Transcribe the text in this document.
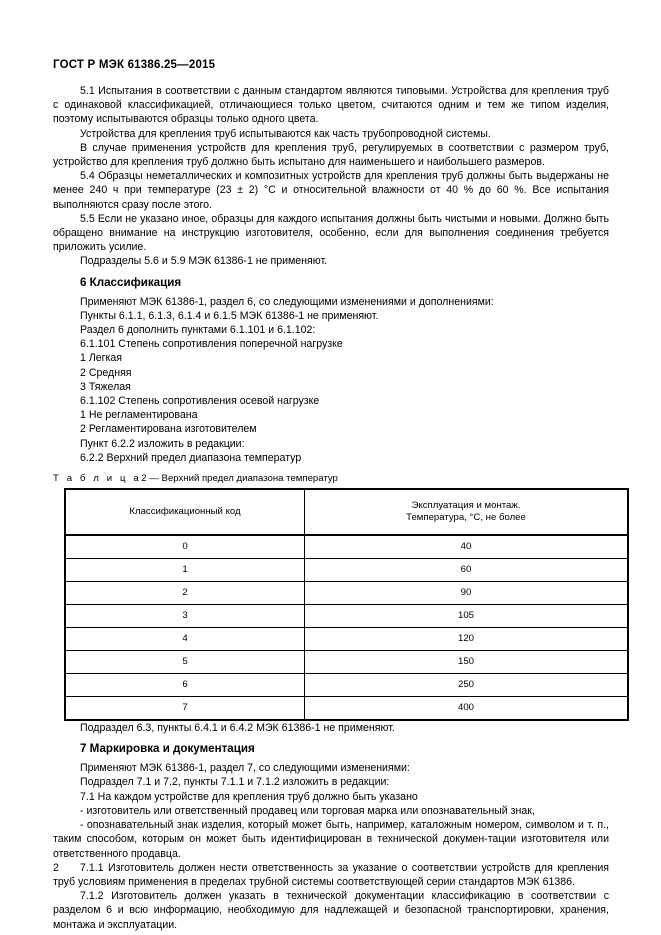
ГОСТ Р МЭК 61386.25—2015

5.1 Испытания в соответствии с данным стандартом являются типовыми. Устройства для крепления труб с одинаковой классификацией, отличающиеся только цветом, считаются одним и тем же типом изделия, поэтому испытываются образцы только одного цвета.

Устройства для крепления труб испытываются как часть трубопроводной системы.

В случае применения устройств для крепления труб, регулируемых в соответствии с размером труб, устройство для крепления труб должно быть испытано для наименьшего и наибольшего размеров.

5.4 Образцы неметаллических и композитных устройств для крепления труб должны быть выдержаны не менее 240 ч при температуре (23 ± 2) °С и относительной влажности от 40 % до 60 %. Все испытания выполняются сразу после этого.

5.5 Если не указано иное, образцы для каждого испытания должны быть чистыми и новыми. Должно быть обращено внимание на инструкцию изготовителя, особенно, если для выполнения соединения требуется приложить усилие.

Подразделы 5.6 и 5.9 МЭК 61386-1 не применяют.

6 Классификация

Применяют МЭК 61386-1, раздел 6, со следующими изменениями и дополнениями:

Пункты 6.1.1, 6.1.3, 6.1.4 и 6.1.5 МЭК 61386-1 не применяют.

Раздел 6 дополнить пунктами 6.1.101 и 6.1.102:

6.1.101 Степень сопротивления поперечной нагрузке

1 Легкая

2 Средняя

3 Тяжелая

6.1.102 Степень сопротивления осевой нагрузке

1 Не регламентирована

2 Регламентирована изготовителем

Пункт 6.2.2 изложить в редакции:

6.2.2 Верхний предел диапазона температур

Т а б л и ц а2 — Верхний предел диапазона температур
Классификационный код	Эксплуатация и монтаж.
Температура, °С, не более
0	40
1	60
2	90
3	105
4	120
5	150
6	250
7	400

Подраздел 6.3, пункты 6.4.1 и 6.4.2 МЭК 61386-1 не применяют.

7 Маркировка и документация

Применяют МЭК 61386-1, раздел 7, со следующими изменениями:

Подраздел 7.1 и 7.2, пункты 7.1.1 и 7.1.2 изложить в редакции:

7.1 На каждом устройстве для крепления труб должно быть указано

- изготовитель или ответственный продавец или торговая марка или опознавательный знак,

- опознавательный знак изделия, который может быть, например, каталожным номером, символом и т. п., таким способом, которым он может быть идентифицирован в технической докумен-тации изготовителя или ответственного продавца.

7.1.1 Изготовитель должен нести ответственность за указание о соответствии устройств для крепления труб условиям применения в пределах трубной системы соответствующей серии стандартов МЭК 61386.

7.1.2 Изготовитель должен указать в технической документации классификацию в соответствии с разделом 6 и всю информацию, необходимую для надлежащей и безопасной транспортировки, хранения, монтажа и эксплуатации.

2
